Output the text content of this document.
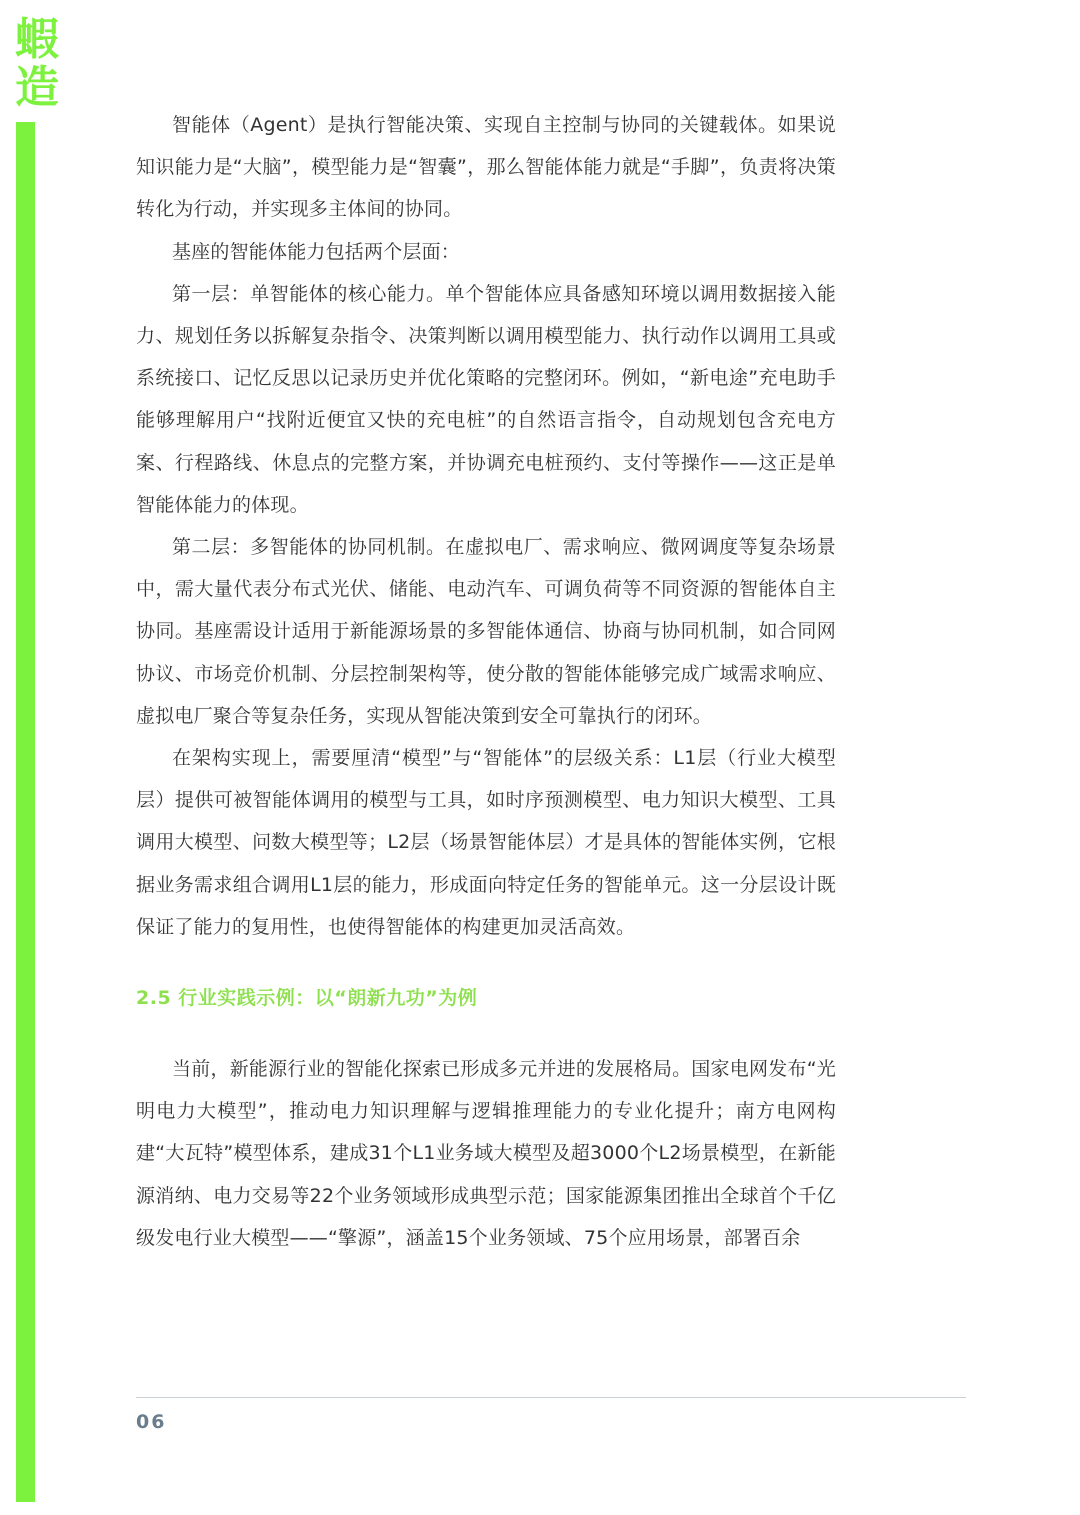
蝦
造

智能体（Agent）是执行智能决策、实现自主控制与协同的关键载体。如果说知识能力是“大脑”，模型能力是“智囊”，那么智能体能力就是“手脚”，负责将决策转化为行动，并实现多主体间的协同。

基座的智能体能力包括两个层面：

第一层：单智能体的核心能力。单个智能体应具备感知环境以调用数据接入能力、规划任务以拆解复杂指令、决策判断以调用模型能力、执行动作以调用工具或系统接口、记忆反思以记录历史并优化策略的完整闭环。例如，“新电途”充电助手能够理解用户“找附近便宜又快的充电桩”的自然语言指令，自动规划包含充电方案、行程路线、休息点的完整方案，并协调充电桩预约、支付等操作——这正是单智能体能力的体现。

第二层：多智能体的协同机制。在虚拟电厂、需求响应、微网调度等复杂场景中，需大量代表分布式光伏、储能、电动汽车、可调负荷等不同资源的智能体自主协同。基座需设计适用于新能源场景的多智能体通信、协商与协同机制，如合同网协议、市场竞价机制、分层控制架构等，使分散的智能体能够完成广域需求响应、虚拟电厂聚合等复杂任务，实现从智能决策到安全可靠执行的闭环。

在架构实现上，需要厘清“模型”与“智能体”的层级关系：L1层（行业大模型层）提供可被智能体调用的模型与工具，如时序预测模型、电力知识大模型、工具调用大模型、问数大模型等；L2层（场景智能体层）才是具体的智能体实例，它根据业务需求组合调用L1层的能力，形成面向特定任务的智能单元。这一分层设计既保证了能力的复用性，也使得智能体的构建更加灵活高效。

2.5 行业实践示例：以“朗新九功”为例

当前，新能源行业的智能化探索已形成多元并进的发展格局。国家电网发布“光明电力大模型”，推动电力知识理解与逻辑推理能力的专业化提升；南方电网构建“大瓦特”模型体系，建成31个L1业务域大模型及超3000个L2场景模型，在新能源消纳、电力交易等22个业务领域形成典型示范；国家能源集团推出全球首个千亿级发电行业大模型——“擎源”，涵盖15个业务领域、75个应用场景，部署百余

06
